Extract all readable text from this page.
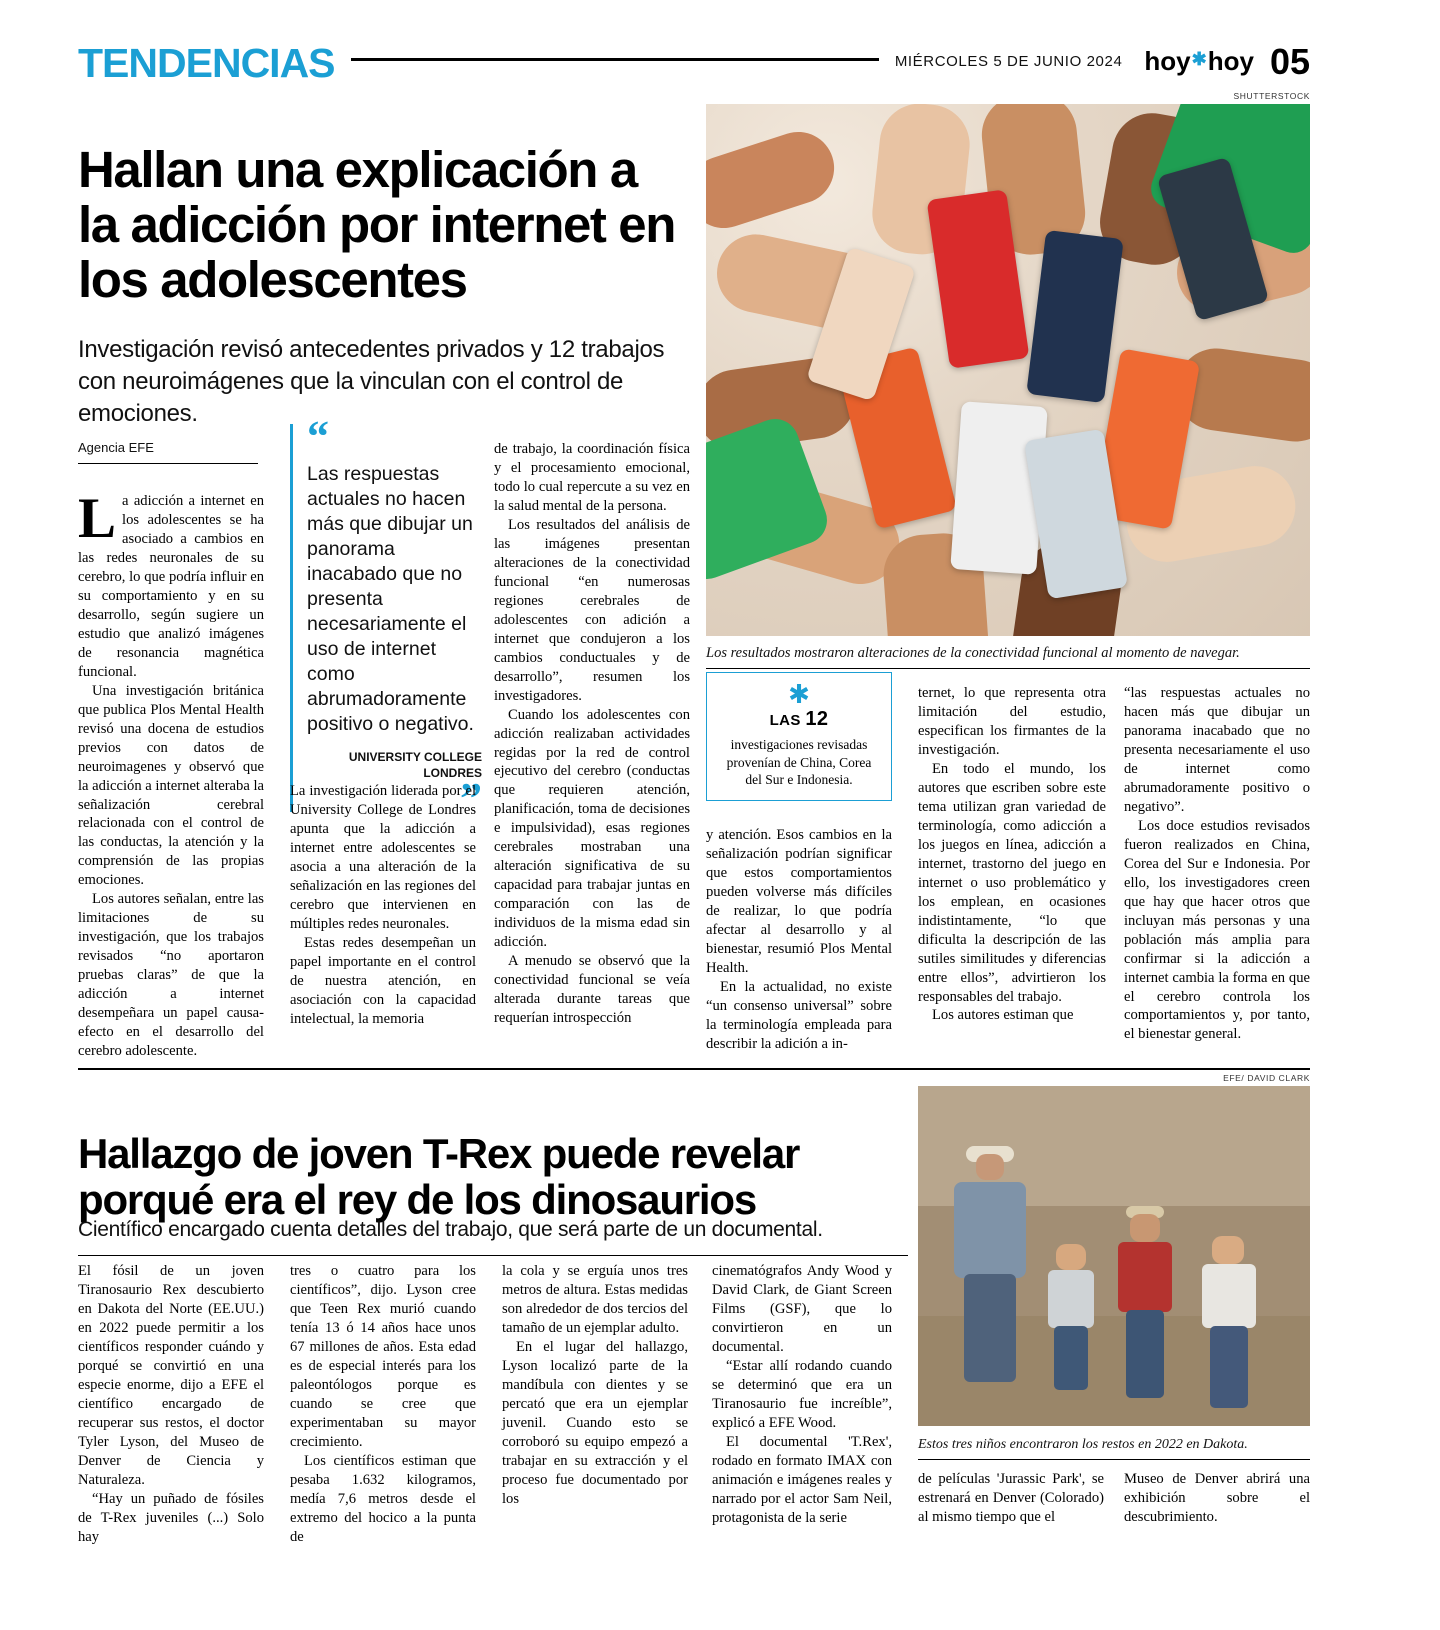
TENDENCIAS	MIÉRCOLES 5 DE JUNIO 2024 hoy ✱ hoy 05
Hallan una explicación a la adicción por internet en los adolescentes
Investigación revisó antecedentes privados y 12 trabajos con neuroimágenes que la vinculan con el control de emociones.
Agencia EFE
SHUTTERSTOCK
Los resultados mostraron alteraciones de la conectividad funcional al momento de navegar.
“
Las respuestas actuales no hacen más que dibujar un panorama inacabado que no presenta necesariamente el uso de internet como abrumadoramente positivo o negativo.
UNIVERSITY COLLEGE LONDRES
”
✱
LAS 12
investigaciones revisadas provenían de China, Corea del Sur e Indonesia.

La adicción a internet en los adolescentes se ha asociado a cambios en las redes neuronales de su cerebro, lo que podría influir en su comportamiento y en su desarrollo, según sugiere un estudio que analizó imágenes de resonancia magnética funcional.

Una investigación británica que publica Plos Mental Health revisó una docena de estudios previos con datos de neuroimagenes y observó que la adicción a internet alteraba la señalización cerebral relacionada con el control de las conductas, la atención y la comprensión de las propias emociones.

Los autores señalan, entre las limitaciones de su investigación, que los trabajos revisados “no aportaron pruebas claras” de que la adicción a internet desempeñara un papel causa-efecto en el desarrollo del cerebro adolescente.

La investigación liderada por el University College de Londres apunta que la adicción a internet entre adolescentes se asocia a una alteración de la señalización en las regiones del cerebro que intervienen en múltiples redes neuronales.

Estas redes desempeñan un papel importante en el control de nuestra atención, en asociación con la capacidad intelectual, la memoria

de trabajo, la coordinación física y el procesamiento emocional, todo lo cual repercute a su vez en la salud mental de la persona.

Los resultados del análisis de las imágenes presentan alteraciones de la conectividad funcional “en numerosas regiones cerebrales de adolescentes con adición a internet que condujeron a los cambios conductuales y de desarrollo”, resumen los investigadores.

Cuando los adolescentes con adicción realizaban actividades regidas por la red de control ejecutivo del cerebro (conductas que requieren atención, planificación, toma de decisiones e impulsividad), esas regiones cerebrales mostraban una alteración significativa de su capacidad para trabajar juntas en comparación con las de individuos de la misma edad sin adicción.

A menudo se observó que la conectividad funcional se veía alterada durante tareas que requerían introspección

y atención. Esos cambios en la señalización podrían significar que estos comportamientos pueden volverse más difíciles de realizar, lo que podría afectar al desarrollo y al bienestar, resumió Plos Mental Health.

En la actualidad, no existe “un consenso universal” sobre la terminología empleada para describir la adición a in-

ternet, lo que representa otra limitación del estudio, especifican los firmantes de la investigación.

En todo el mundo, los autores que escriben sobre este tema utilizan gran variedad de terminología, como adicción a los juegos en línea, adicción a internet, trastorno del juego en internet o uso problemático y los emplean, en ocasiones indistintamente, “lo que dificulta la descripción de las sutiles similitudes y diferencias entre ellos”, advirtieron los responsables del trabajo.

Los autores estiman que

“las respuestas actuales no hacen más que dibujar un panorama inacabado que no presenta necesariamente el uso de internet como abrumadoramente positivo o negativo”.

Los doce estudios revisados fueron realizados en China, Corea del Sur e Indonesia. Por ello, los investigadores creen que hay que hacer otros que incluyan más personas y una población más amplia para confirmar si la adicción a internet cambia la forma en que el cerebro controla los comportamientos y, por tanto, el bienestar general.

Hallazgo de joven T-Rex puede revelar porqué era el rey de los dinosaurios
Científico encargado cuenta detalles del trabajo, que será parte de un documental.
EFE/ DAVID CLARK
Estos tres niños encontraron los restos en 2022 en Dakota.

El fósil de un joven Tiranosaurio Rex descubierto en Dakota del Norte (EE.UU.) en 2022 puede permitir a los científicos responder cuándo y porqué se convirtió en una especie enorme, dijo a EFE el científico encargado de recuperar sus restos, el doctor Tyler Lyson, del Museo de Denver de Ciencia y Naturaleza.

“Hay un puñado de fósiles de T-Rex juveniles (...) Solo hay

tres o cuatro para los científicos”, dijo. Lyson cree que Teen Rex murió cuando tenía 13 ó 14 años hace unos 67 millones de años. Esta edad es de especial interés para los paleontólogos porque es cuando se cree que experimentaban su mayor crecimiento.

Los científicos estiman que pesaba 1.632 kilogramos, medía 7,6 metros desde el extremo del hocico a la punta de

la cola y se erguía unos tres metros de altura. Estas medidas son alrededor de dos tercios del tamaño de un ejemplar adulto.

En el lugar del hallazgo, Lyson localizó parte de la mandíbula con dientes y se percató que era un ejemplar juvenil. Cuando esto se corroboró su equipo empezó a trabajar en su extracción y el proceso fue documentado por los

cinematógrafos Andy Wood y David Clark, de Giant Screen Films (GSF), que lo convirtieron en un documental.

“Estar allí rodando cuando se determinó que era un Tiranosaurio fue increíble”, explicó a EFE Wood.

El documental 'T.Rex', rodado en formato IMAX con animación e imágenes reales y narrado por el actor Sam Neil, protagonista de la serie

de películas 'Jurassic Park', se estrenará en Denver (Colorado) al mismo tiempo que el

Museo de Denver abrirá una exhibición sobre el descubrimiento.
